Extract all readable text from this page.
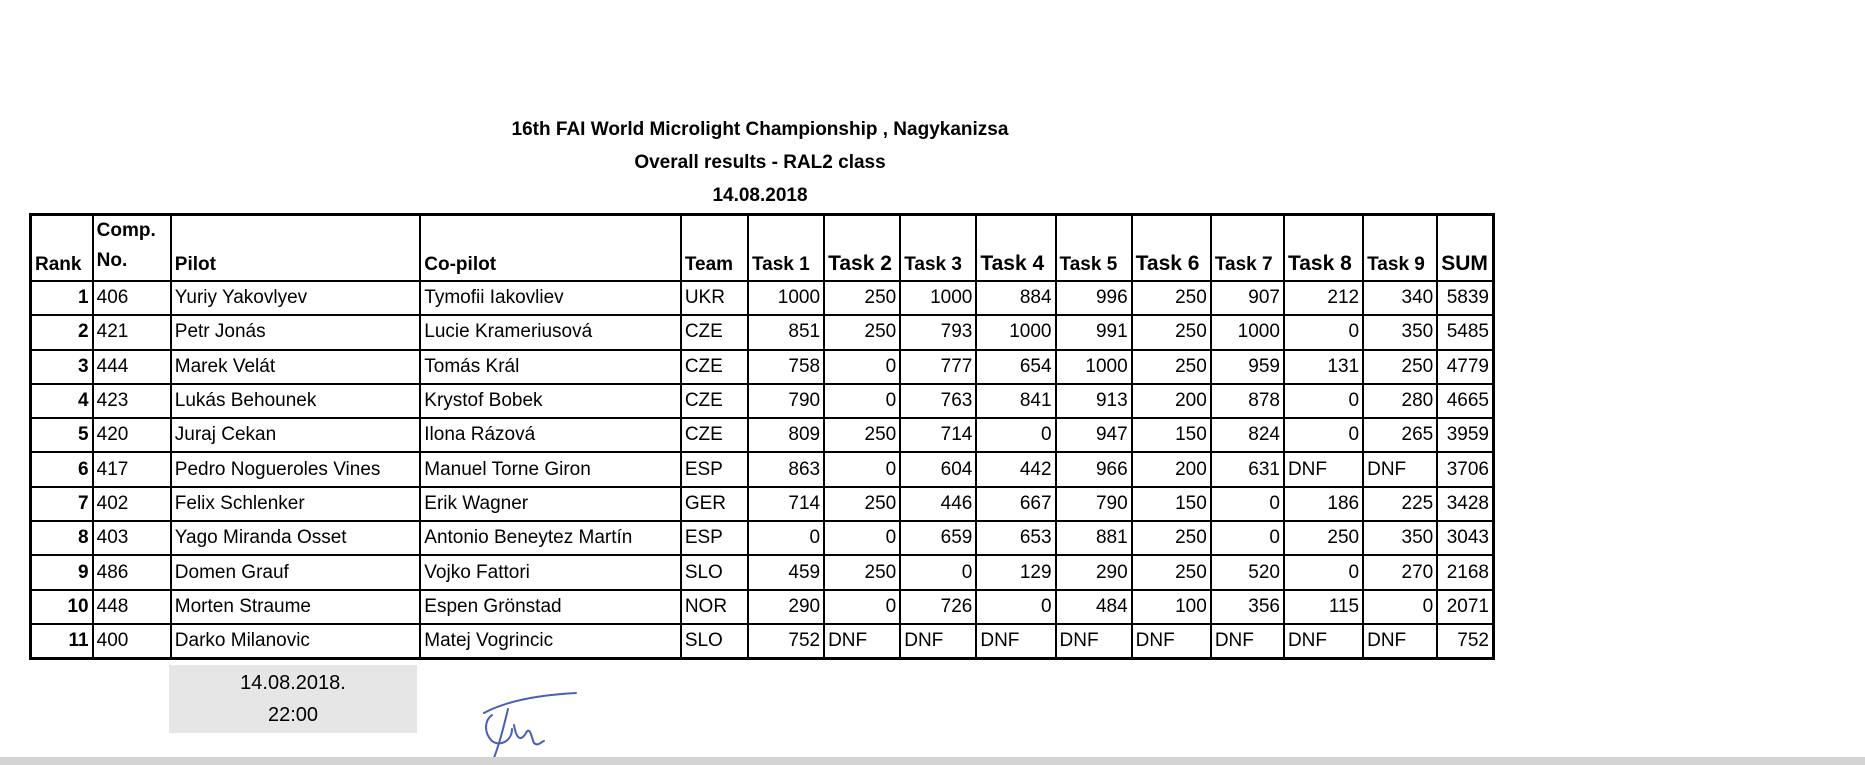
16th FAI World Microlight Championship , Nagykanizsa
Overall results - RAL2 class
14.08.2018
Rank	Comp. No.	Pilot	Co-pilot	Team	Task 1	Task 2	Task 3	Task 4	Task 5	Task 6	Task 7	Task 8	Task 9	SUM
1	406	Yuriy Yakovlyev	Tymofii Iakovliev	UKR	1000	250	1000	884	996	250	907	212	340	5839
2	421	Petr Jonás	Lucie Krameriusová	CZE	851	250	793	1000	991	250	1000	0	350	5485
3	444	Marek Velát	Tomás Král	CZE	758	0	777	654	1000	250	959	131	250	4779
4	423	Lukás Behounek	Krystof Bobek	CZE	790	0	763	841	913	200	878	0	280	4665
5	420	Juraj Cekan	Ilona Rázová	CZE	809	250	714	0	947	150	824	0	265	3959
6	417	Pedro Nogueroles Vines	Manuel Torne Giron	ESP	863	0	604	442	966	200	631	DNF	DNF	3706
7	402	Felix Schlenker	Erik Wagner	GER	714	250	446	667	790	150	0	186	225	3428
8	403	Yago Miranda Osset	Antonio Beneytez Martín	ESP	0	0	659	653	881	250	0	250	350	3043
9	486	Domen Grauf	Vojko Fattori	SLO	459	250	0	129	290	250	520	0	270	2168
10	448	Morten Straume	Espen Grönstad	NOR	290	0	726	0	484	100	356	115	0	2071
11	400	Darko Milanovic	Matej Vogrincic	SLO	752	DNF	DNF	DNF	DNF	DNF	DNF	DNF	DNF	752
14.08.2018.
22:00
